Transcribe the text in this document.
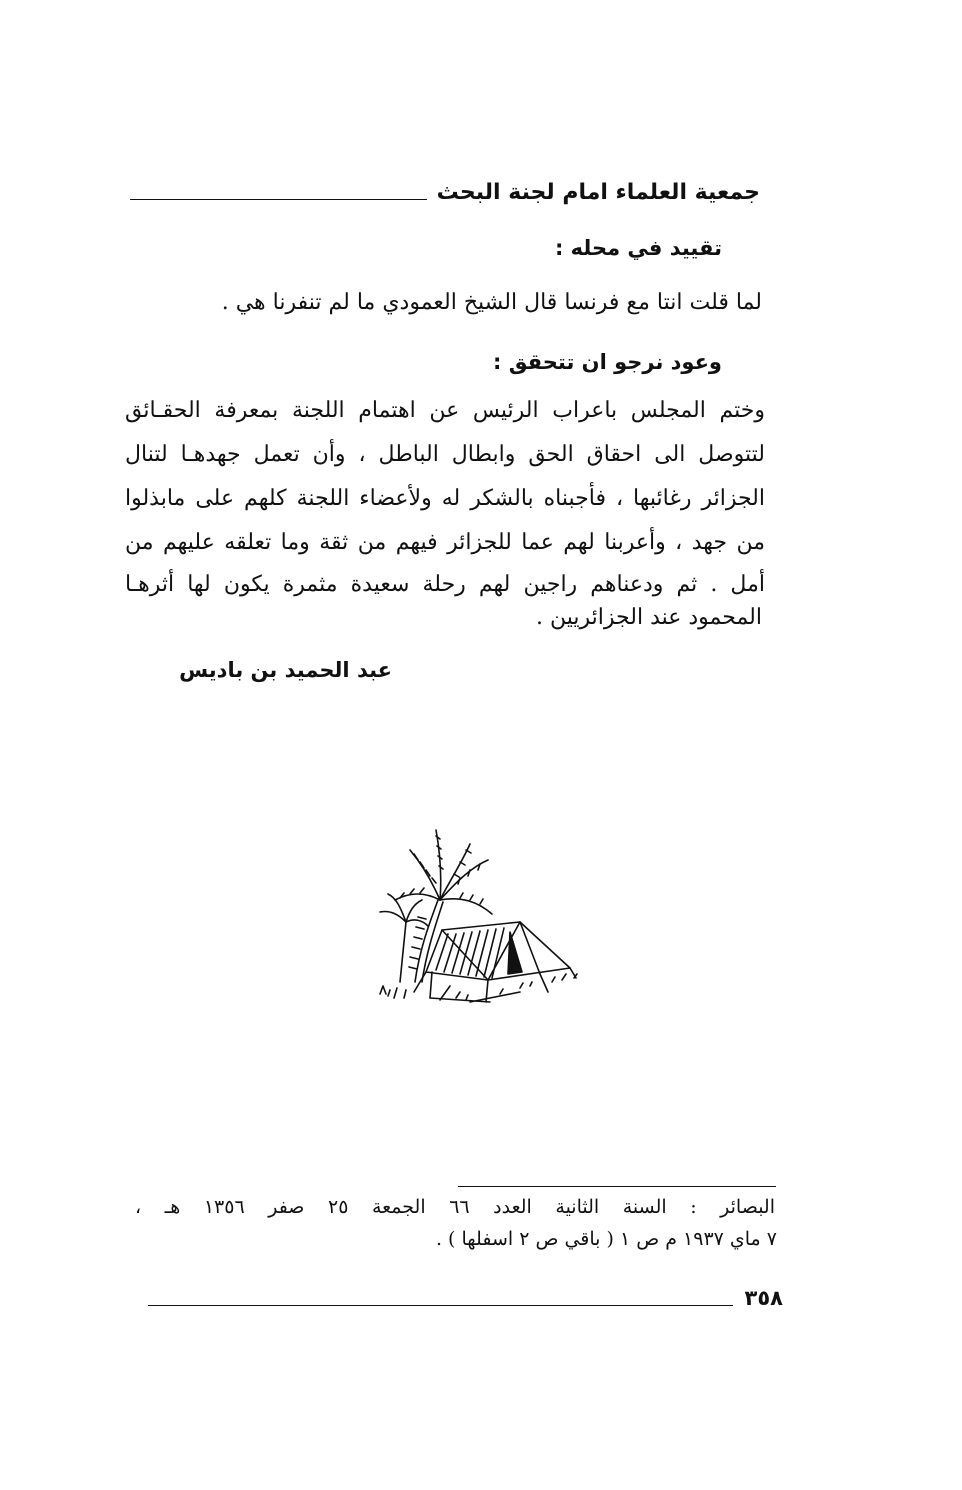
جمعية العلماء امام لجنة البحث
تقييد في محله :
لما قلت انتا مع فرنسا قال الشيخ العمودي ما لم تنفرنا هي .
وعود نرجو ان تتحقق :
وختم المجلس باعراب الرئيس عن اهتمام اللجنة بمعرفة الحقـائق
لتتوصل الى احقاق الحق وابطال الباطل ، وأن تعمل جهدهـا لتنال
الجزائر رغائبها ، فأجبناه بالشكر له ولأعضاء اللجنة كلهم على مابذلوا
من جهد ، وأعربنا لهم عما للجزائر فيهم من ثقة وما تعلقه عليهم من
أمل . ثم ودعناهم راجين لهم رحلة سعيدة مثمرة يكون لها أثرهـا
المحمود عند الجزائريين .
عبد الحميد بن باديس
البصائر : السنة الثانية العدد ٦٦ الجمعة ٢٥ صفر ١٣٥٦ هـ ،
٧ ماي ١٩٣٧ م ص ١ ( باقي ص ٢ اسفلها ) .
٣٥٨
